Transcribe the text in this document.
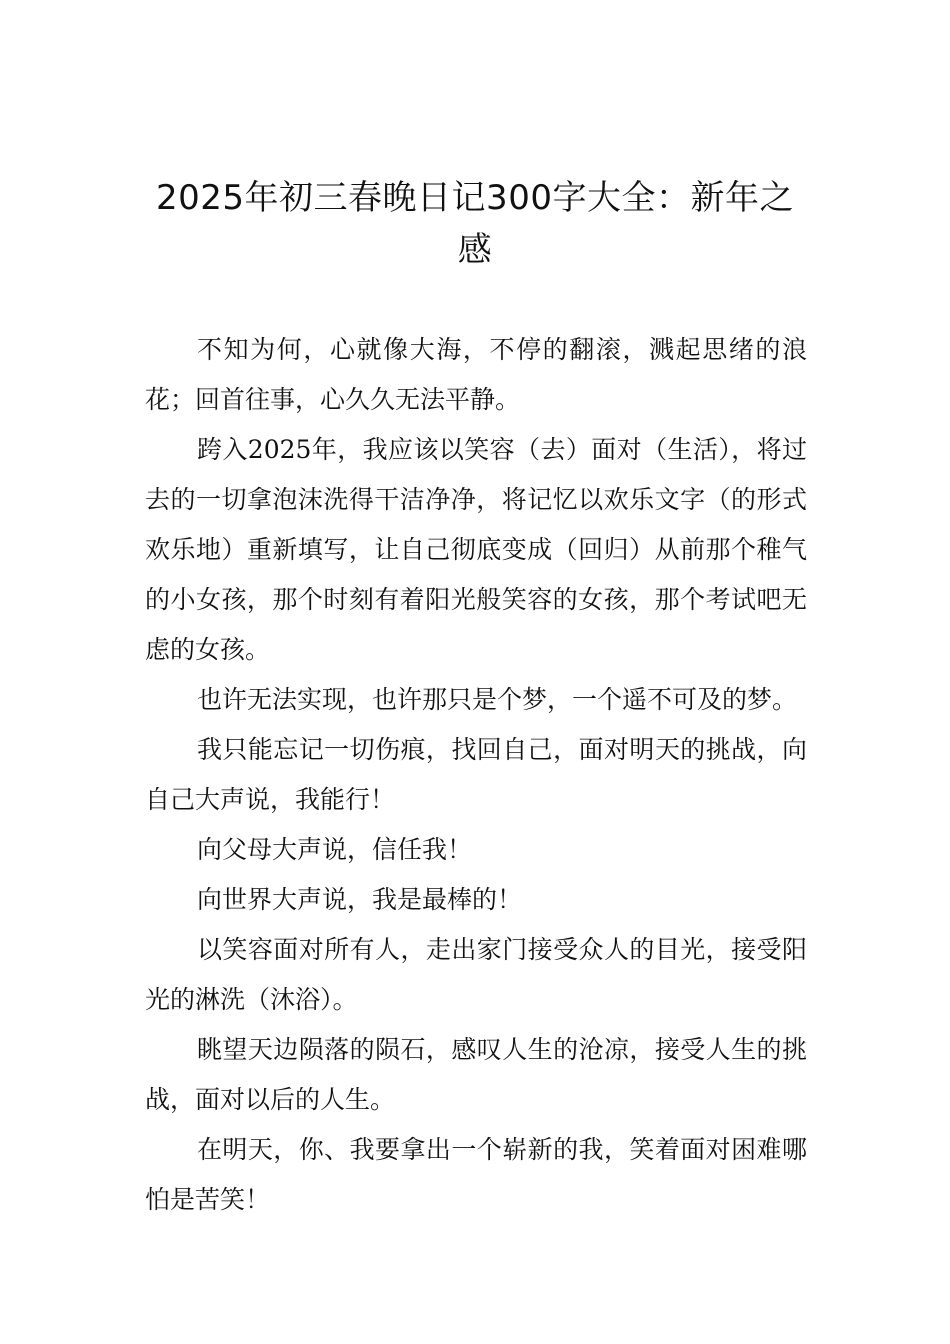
2025年初三春晚日记300字大全：新年之感

不知为何，心就像大海，不停的翻滚，溅起思绪的浪花；回首往事，心久久无法平静。

跨入2025年，我应该以笑容（去）面对（生活），将过去的一切拿泡沫洗得干洁净净，将记忆以欢乐文字（的形式欢乐地）重新填写，让自己彻底变成（回归）从前那个稚气的小女孩，那个时刻有着阳光般笑容的女孩，那个考试吧无虑的女孩。

也许无法实现，也许那只是个梦，一个遥不可及的梦。

我只能忘记一切伤痕，找回自己，面对明天的挑战，向自己大声说，我能行！

向父母大声说，信任我！

向世界大声说，我是最棒的！

以笑容面对所有人，走出家门接受众人的目光，接受阳光的淋洗（沐浴）。

眺望天边陨落的陨石，感叹人生的沧凉，接受人生的挑战，面对以后的人生。

在明天，你、我要拿出一个崭新的我，笑着面对困难哪怕是苦笑！
